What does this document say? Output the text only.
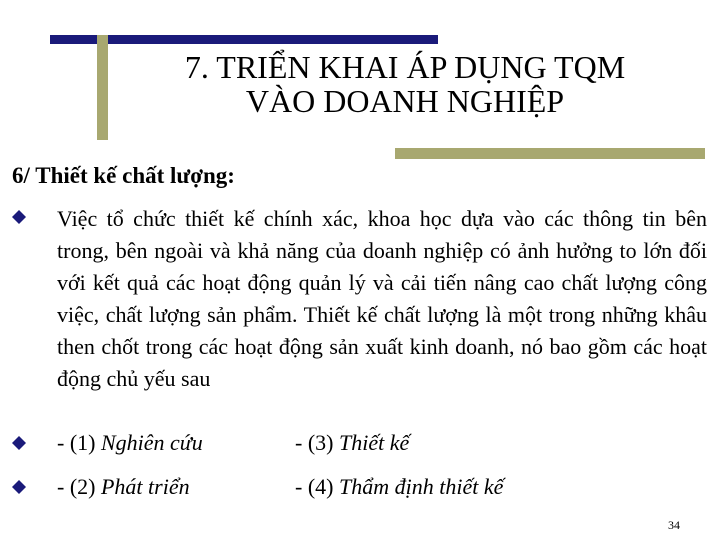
7. TRIỂN KHAI ÁP DỤNG TQM
VÀO DOANH NGHIỆP
6/ Thiết kế chất lượng:
Việc tổ chức thiết kế chính xác, khoa học dựa vào các thông tin bên trong, bên ngoài và khả năng của doanh nghiệp có ảnh hưởng to lớn đối với kết quả các hoạt động quản lý và cải tiến nâng cao chất lượng công việc, chất lượng sản phẩm. Thiết kế chất lượng là một trong những khâu then chốt trong các hoạt động sản xuất kinh doanh, nó bao gồm các hoạt động chủ yếu sau
- (1) Nghiên cứu	- (3) Thiết kế
- (2) Phát triển	- (4) Thẩm định thiết kế
34
